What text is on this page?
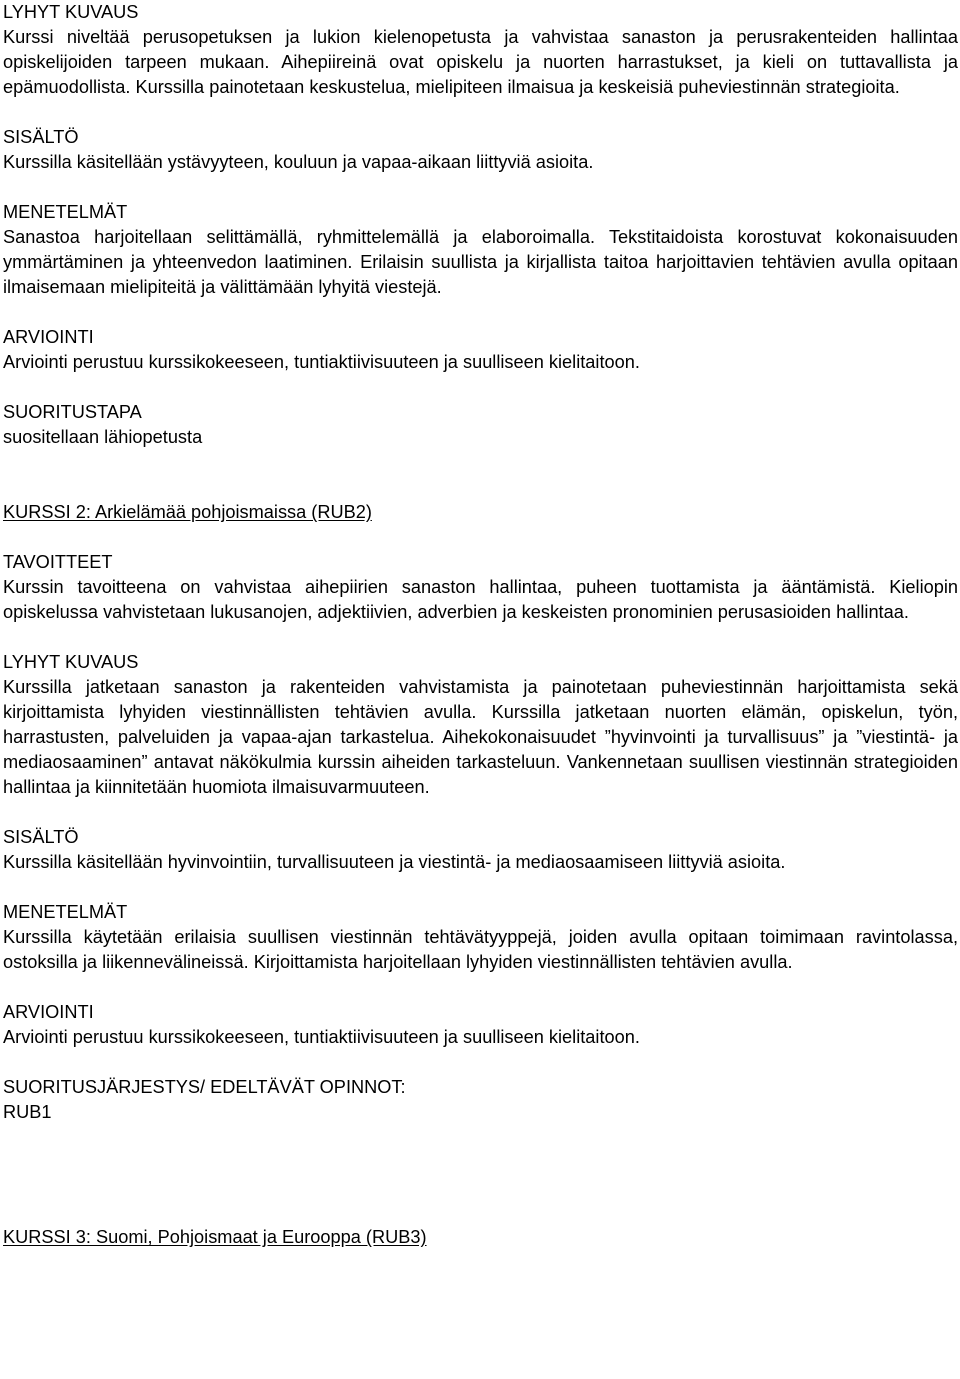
LYHYT KUVAUS
Kurssi niveltää perusopetuksen ja lukion kielenopetusta ja vahvistaa sanaston ja perusrakenteiden hallintaa opiskelijoiden tarpeen mukaan. Aihepiireinä ovat opiskelu ja nuorten harrastukset, ja kieli on tuttavallista ja epämuodollista. Kurssilla painotetaan keskustelua, mielipiteen ilmaisua ja keskeisiä puheviestinnän strategioita.
SISÄLTÖ
Kurssilla käsitellään ystävyyteen, kouluun ja vapaa-aikaan liittyviä asioita.
MENETELMÄT
Sanastoa harjoitellaan selittämällä, ryhmittelemällä ja elaboroimalla. Tekstitaidoista korostuvat kokonaisuuden ymmärtäminen ja yhteenvedon laatiminen. Erilaisin suullista ja kirjallista taitoa harjoittavien tehtävien avulla opitaan ilmaisemaan mielipiteitä ja välittämään lyhyitä viestejä.
ARVIOINTI
Arviointi perustuu kurssikokeeseen, tuntiaktiivisuuteen ja suulliseen kielitaitoon.
SUORITUSTAPA
suositellaan lähiopetusta
KURSSI 2: Arkielämää pohjoismaissa (RUB2)
TAVOITTEET
Kurssin tavoitteena on vahvistaa aihepiirien sanaston hallintaa, puheen tuottamista ja ääntämistä. Kieliopin opiskelussa vahvistetaan lukusanojen, adjektiivien, adverbien ja keskeisten pronominien perusasioiden hallintaa.
LYHYT KUVAUS
Kurssilla jatketaan sanaston ja rakenteiden vahvistamista ja painotetaan puheviestinnän harjoittamista sekä kirjoittamista lyhyiden viestinnällisten tehtävien avulla. Kurssilla jatketaan nuorten elämän, opiskelun, työn, harrastusten, palveluiden ja vapaa-ajan tarkastelua. Aihekokonaisuudet ”hyvinvointi ja turvallisuus” ja ”viestintä- ja mediaosaaminen” antavat näkökulmia kurssin aiheiden tarkasteluun. Vankennetaan suullisen viestinnän strategioiden hallintaa ja kiinnitetään huomiota ilmaisuvarmuuteen.
SISÄLTÖ
Kurssilla käsitellään hyvinvointiin, turvallisuuteen ja viestintä- ja mediaosaamiseen liittyviä asioita.
MENETELMÄT
Kurssilla käytetään erilaisia suullisen viestinnän tehtävätyyppejä, joiden avulla opitaan toimimaan ravintolassa, ostoksilla ja liikennevälineissä. Kirjoittamista harjoitellaan lyhyiden viestinnällisten tehtävien avulla.
ARVIOINTI
Arviointi perustuu kurssikokeeseen, tuntiaktiivisuuteen ja suulliseen kielitaitoon.
SUORITUSJÄRJESTYS/ EDELTÄVÄT OPINNOT:
RUB1
KURSSI 3: Suomi, Pohjoismaat ja Eurooppa (RUB3)
